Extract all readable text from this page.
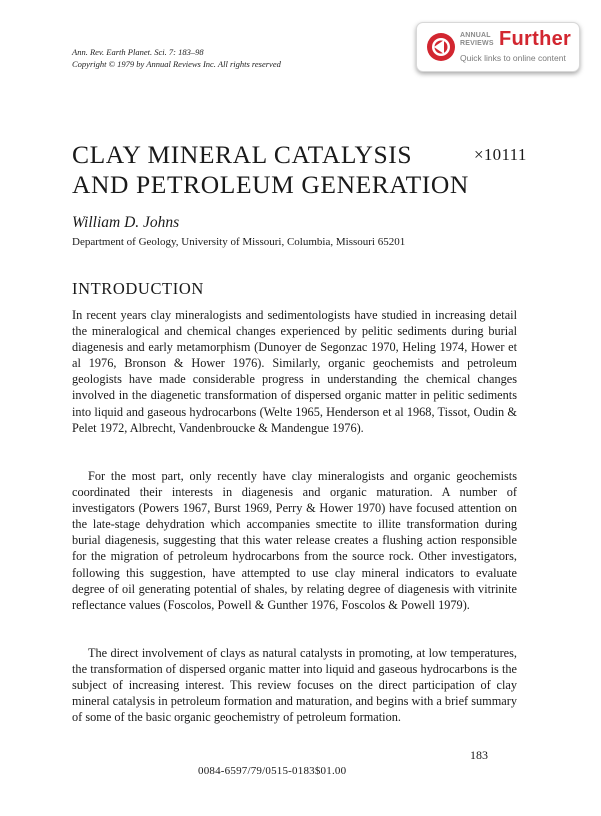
Ann. Rev. Earth Planet. Sci. 7: 183–98
Copyright © 1979 by Annual Reviews Inc. All rights reserved
ANNUAL
REVIEWS Further
Quick links to online content
CLAY MINERAL CATALYSIS
AND PETROLEUM GENERATION
×10111
William D. Johns
Department of Geology, University of Missouri, Columbia, Missouri 65201
INTRODUCTION

In recent years clay mineralogists and sedimentologists have studied in increasing detail the mineralogical and chemical changes experienced by pelitic sediments during burial diagenesis and early metamorphism (Dunoyer de Segonzac 1970, Heling 1974, Hower et al 1976, Bronson & Hower 1976). Similarly, organic geochemists and petroleum geologists have made considerable progress in understanding the chemical changes involved in the diagenetic transformation of dispersed organic matter in pelitic sediments into liquid and gaseous hydrocarbons (Welte 1965, Henderson et al 1968, Tissot, Oudin & Pelet 1972, Albrecht, Vandenbroucke & Mandengue 1976).

For the most part, only recently have clay mineralogists and organic geochemists coordinated their interests in diagenesis and organic maturation. A number of investigators (Powers 1967, Burst 1969, Perry & Hower 1970) have focused attention on the late-stage dehydration which accompanies smectite to illite transformation during burial diagenesis, suggesting that this water release creates a flushing action responsible for the migration of petroleum hydrocarbons from the source rock. Other investigators, following this suggestion, have attempted to use clay mineral indicators to evaluate degree of oil generating potential of shales, by relating degree of diagenesis with vitrinite reflectance values (Foscolos, Powell & Gunther 1976, Foscolos & Powell 1979).

The direct involvement of clays as natural catalysts in promoting, at low temperatures, the transformation of dispersed organic matter into liquid and gaseous hydrocarbons is the subject of increasing interest. This review focuses on the direct participation of clay mineral catalysis in petroleum formation and maturation, and begins with a brief summary of some of the basic organic geochemistry of petroleum formation.

183
0084-6597/79/0515-0183$01.00
